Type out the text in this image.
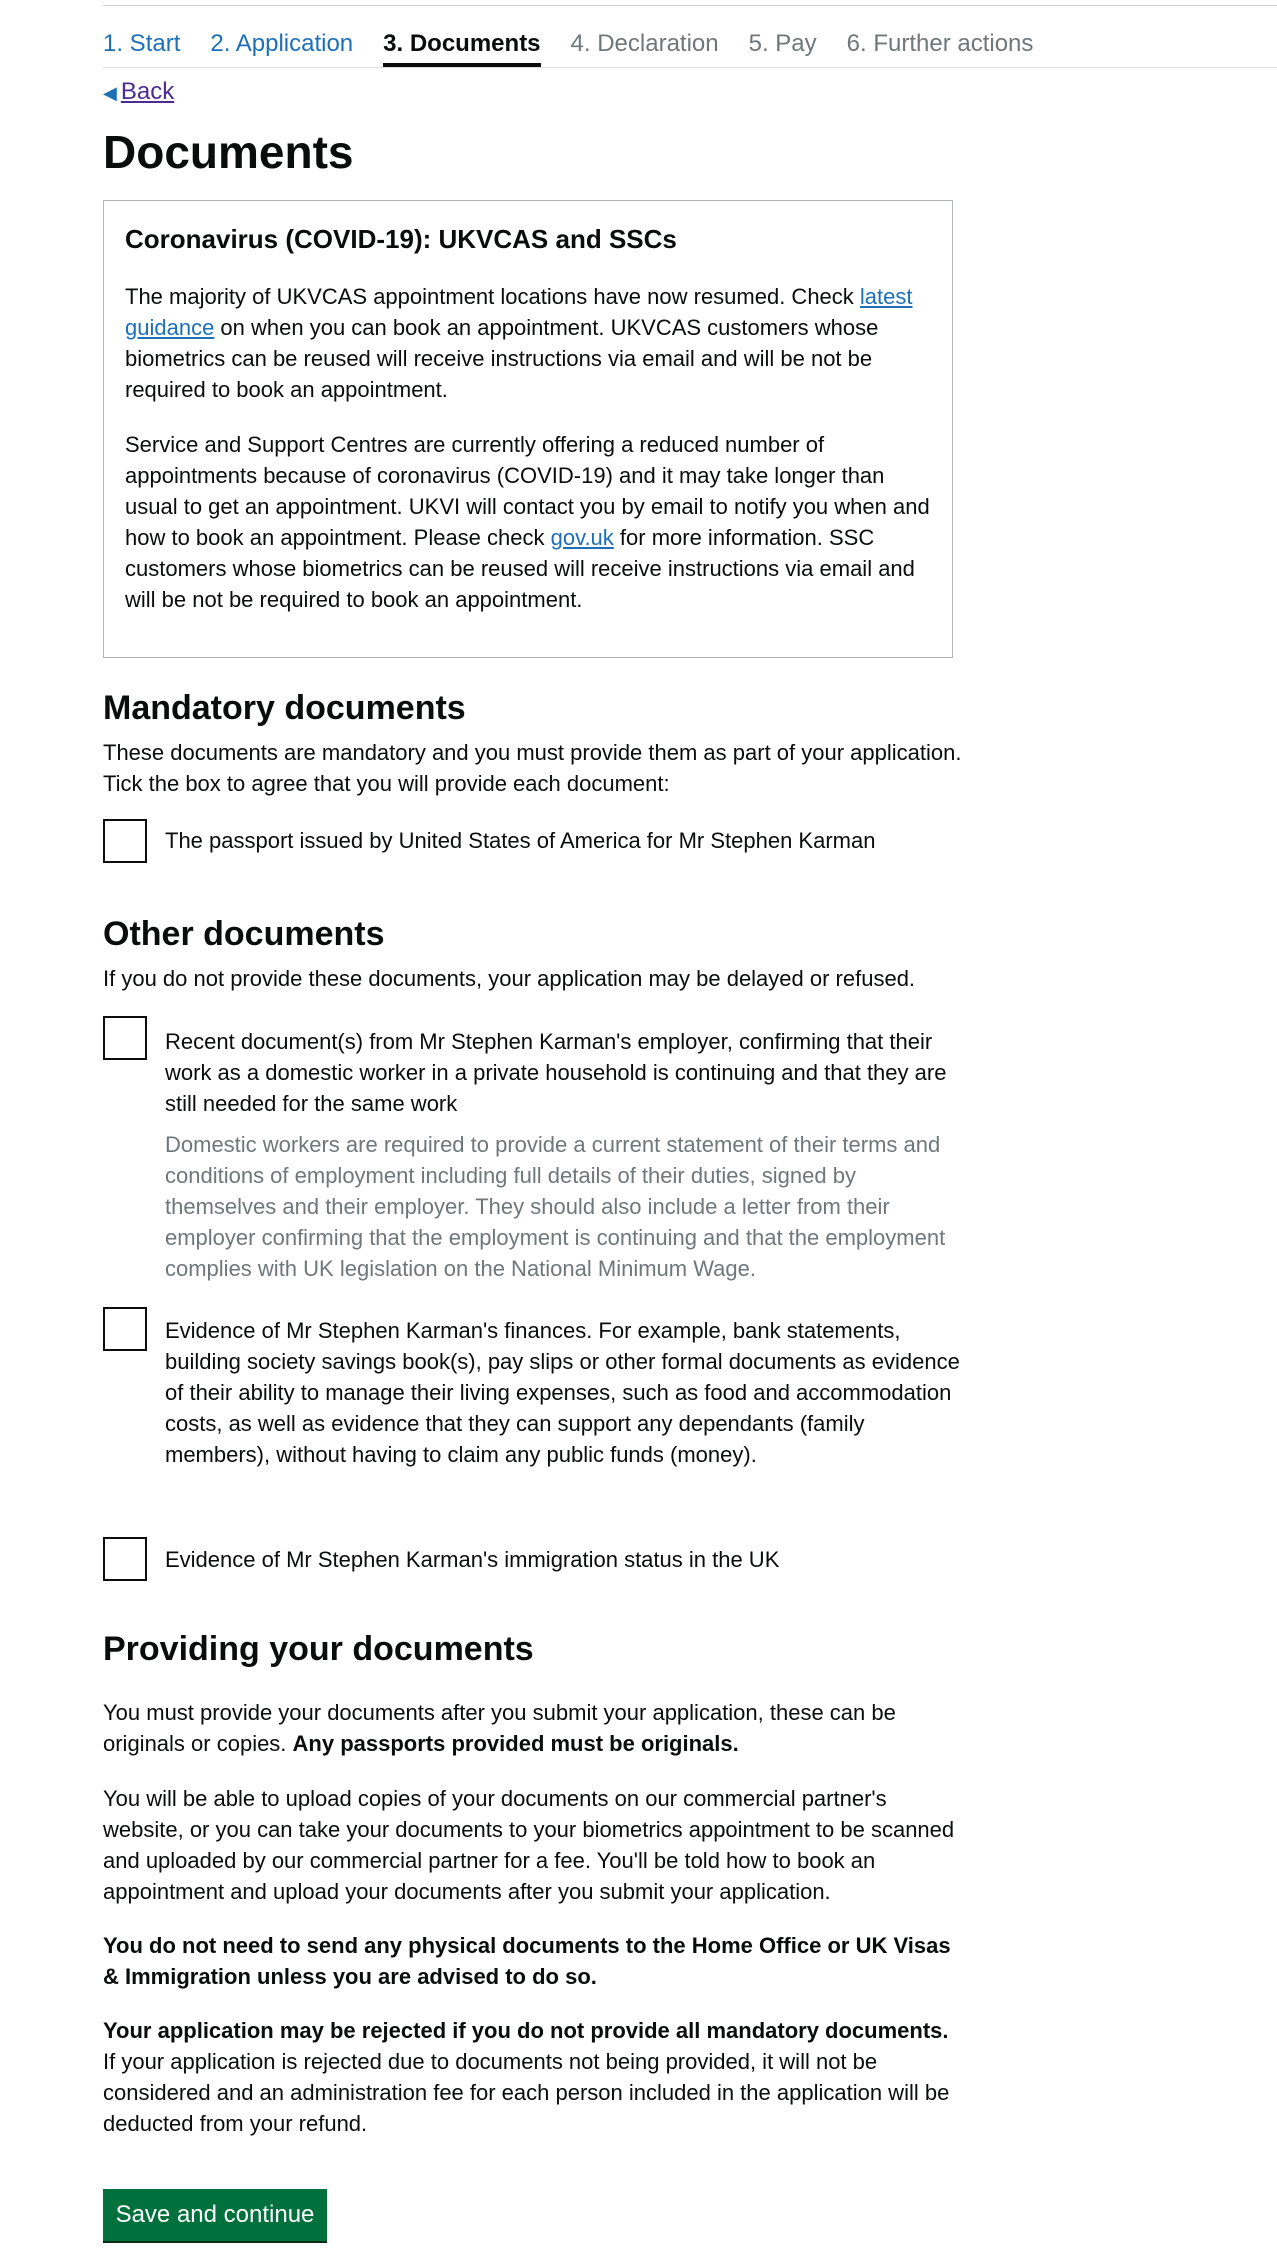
1. Start 2. Application 3. Documents 4. Declaration 5. Pay 6. Further actions
◀ Back
Documents
Coronavirus (COVID-19): UKVCAS and SSCs

The majority of UKVCAS appointment locations have now resumed. Check latest guidance on when you can book an appointment. UKVCAS customers whose biometrics can be reused will receive instructions via email and will be not be required to book an appointment.

Service and Support Centres are currently offering a reduced number of appointments because of coronavirus (COVID-19) and it may take longer than usual to get an appointment. UKVI will contact you by email to notify you when and how to book an appointment. Please check gov.uk for more information. SSC customers whose biometrics can be reused will receive instructions via email and will be not be required to book an appointment.

Mandatory documents

These documents are mandatory and you must provide them as part of your application. Tick the box to agree that you will provide each document:

The passport issued by United States of America for Mr Stephen Karman
Other documents

If you do not provide these documents, your application may be delayed or refused.

Recent document(s) from Mr Stephen Karman's employer, confirming that their work as a domestic worker in a private household is continuing and that they are still needed for the same work
Domestic workers are required to provide a current statement of their terms and conditions of employment including full details of their duties, signed by themselves and their employer. They should also include a letter from their employer confirming that the employment is continuing and that the employment complies with UK legislation on the National Minimum Wage.
Evidence of Mr Stephen Karman's finances. For example, bank statements, building society savings book(s), pay slips or other formal documents as evidence of their ability to manage their living expenses, such as food and accommodation costs, as well as evidence that they can support any dependants (family members), without having to claim any public funds (money).
Evidence of Mr Stephen Karman's immigration status in the UK
Providing your documents

You must provide your documents after you submit your application, these can be originals or copies. Any passports provided must be originals.

You will be able to upload copies of your documents on our commercial partner's website, or you can take your documents to your biometrics appointment to be scanned and uploaded by our commercial partner for a fee. You'll be told how to book an appointment and upload your documents after you submit your application.

You do not need to send any physical documents to the Home Office or UK Visas & Immigration unless you are advised to do so.

Your application may be rejected if you do not provide all mandatory documents.
If your application is rejected due to documents not being provided, it will not be considered and an administration fee for each person included in the application will be deducted from your refund.

Save and continue
